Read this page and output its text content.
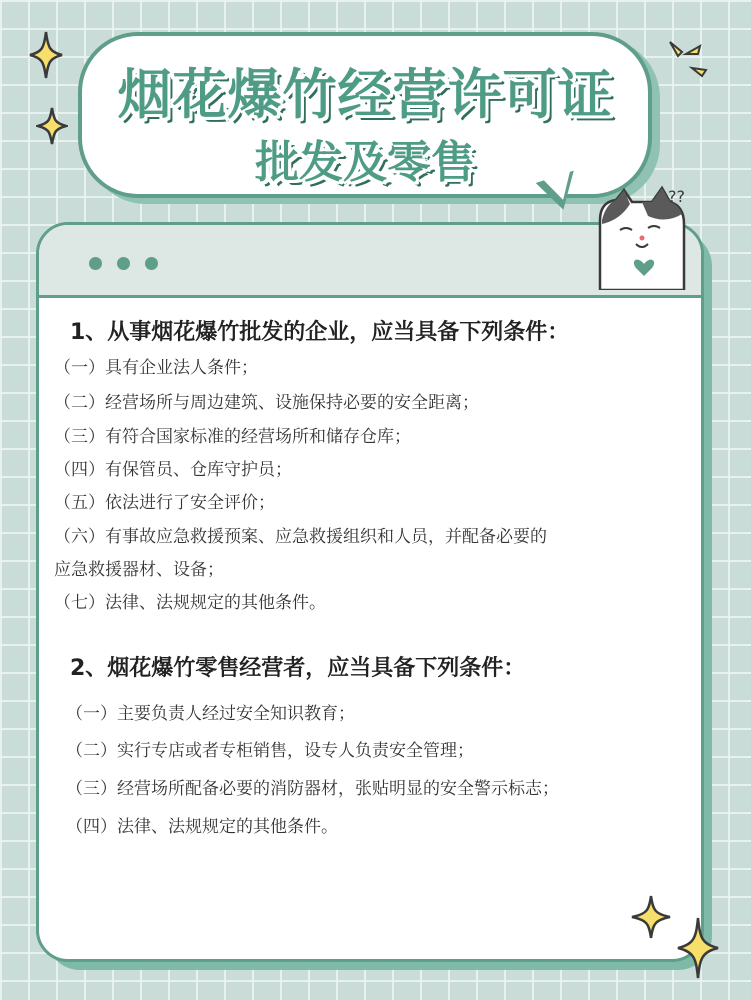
烟花爆竹经营许可证
批发及零售
??
1、从事烟花爆竹批发的企业，应当具备下列条件：
（一）具有企业法人条件；
（二）经营场所与周边建筑、设施保持必要的安全距离；
（三）有符合国家标准的经营场所和储存仓库；
（四）有保管员、仓库守护员；
（五）依法进行了安全评价；
（六）有事故应急救援预案、应急救援组织和人员，并配备必要的
应急救援器材、设备；
（七）法律、法规规定的其他条件。
2、烟花爆竹零售经营者，应当具备下列条件：
（一）主要负责人经过安全知识教育；
（二）实行专店或者专柜销售，设专人负责安全管理；
（三）经营场所配备必要的消防器材，张贴明显的安全警示标志；
（四）法律、法规规定的其他条件。
